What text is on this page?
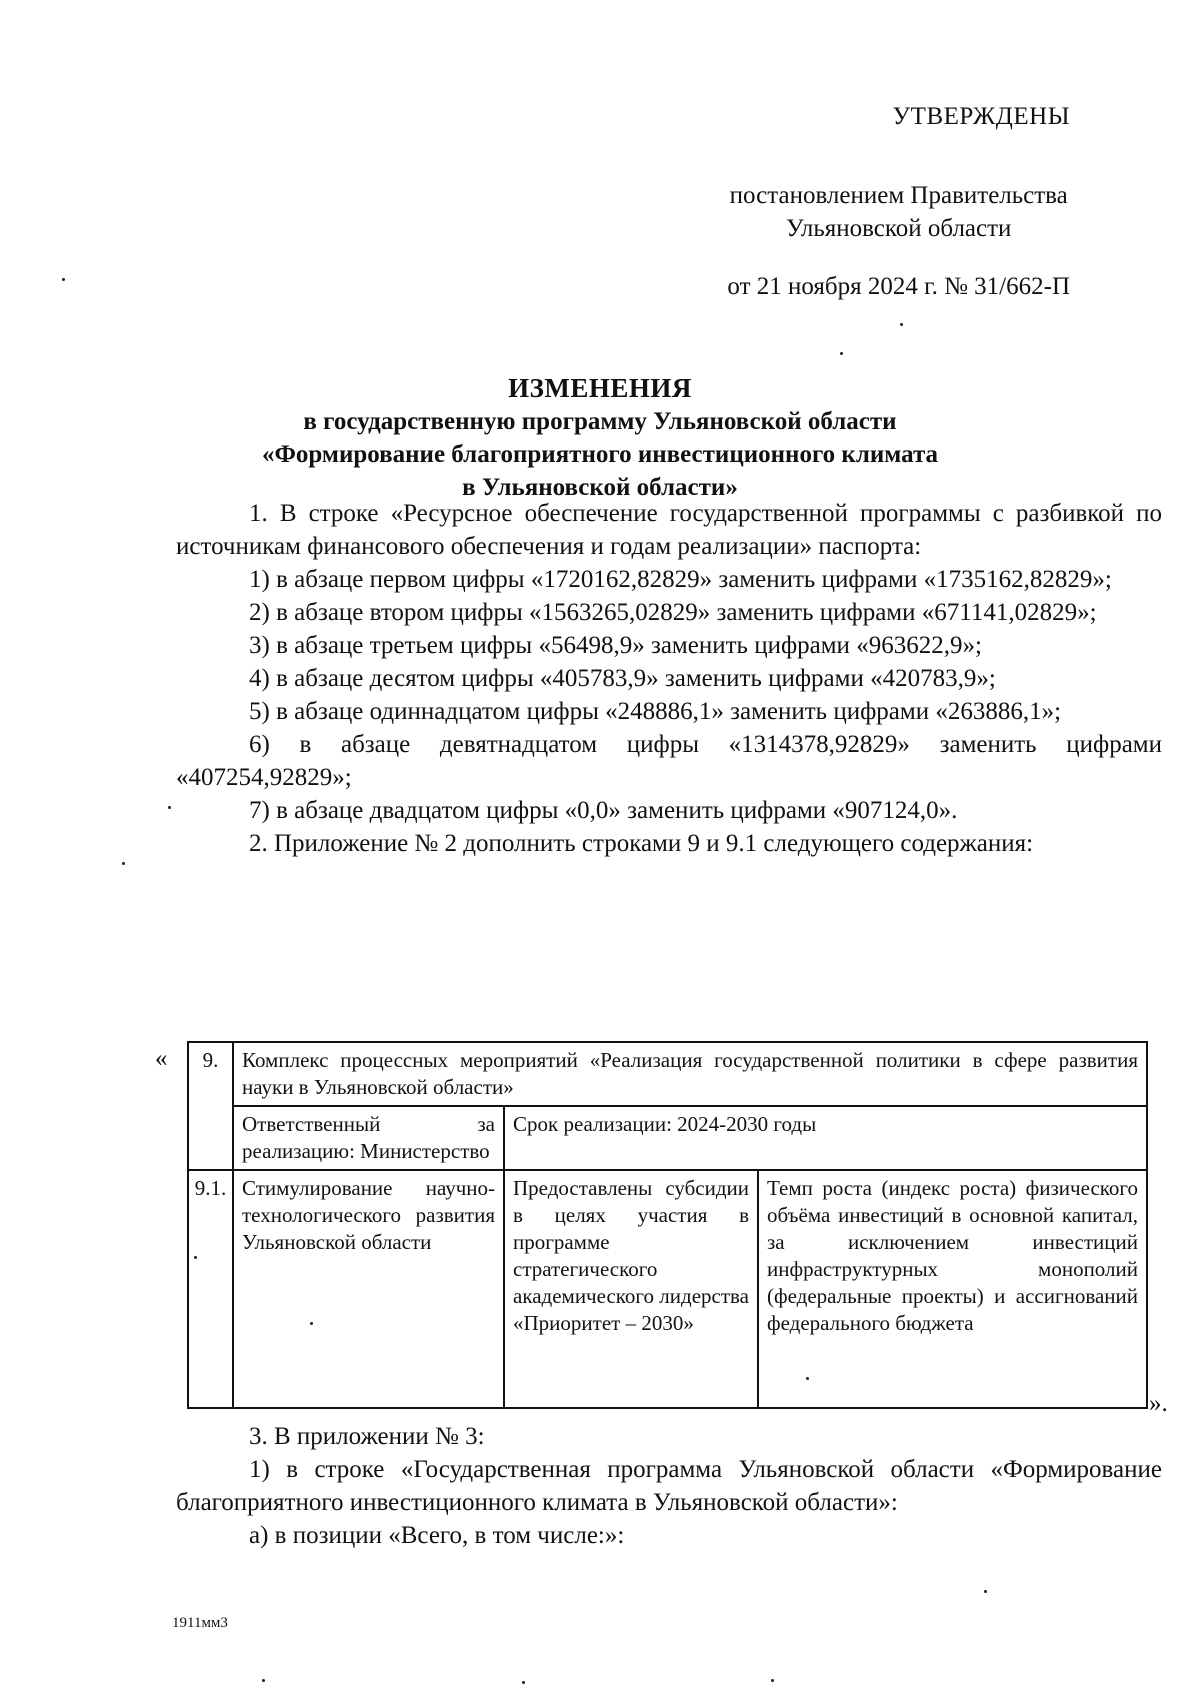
УТВЕРЖДЕНЫ
постановлением Правительства
Ульяновской области
от 21 ноября 2024 г. № 31/662-П
ИЗМЕНЕНИЯ
в государственную программу Ульяновской области
«Формирование благоприятного инвестиционного климата
в Ульяновской области»
1. В строке «Ресурсное обеспечение государственной программы с разбивкой по источникам финансового обеспечения и годам реализации» паспорта:
1) в абзаце первом цифры «1720162,82829» заменить цифрами «1735162,82829»;
2) в абзаце втором цифры «1563265,02829» заменить цифрами «671141,02829»;
3) в абзаце третьем цифры «56498,9» заменить цифрами «963622,9»;
4) в абзаце десятом цифры «405783,9» заменить цифрами «420783,9»;
5) в абзаце одиннадцатом цифры «248886,1» заменить цифрами «263886,1»;
6) в абзаце девятнадцатом цифры «1314378,92829» заменить цифрами «407254,92829»;
7) в абзаце двадцатом цифры «0,0» заменить цифрами «907124,0».
2. Приложение № 2 дополнить строками 9 и 9.1 следующего содержания:
« 9.	Комплекс процессных мероприятий «Реализация государственной политики в сфере развития науки в Ульяновской области»		
	Ответственный за реализацию: Министерство	Срок реализации: 2024-2030 годы	
9.1.	Стимулирование научно-технологического развития Ульяновской области	Предоставлены субсидии в целях участия в программе стратегического академического лидерства «Приоритет – 2030»	Темп роста (индекс роста) физического объёма инвестиций в основной капитал, за исключением инвестиций инфраструктурных монополий (федеральные проекты) и ассигнований федерального бюджета
».
3. В приложении № 3:
1) в строке «Государственная программа Ульяновской области «Формирование благоприятного инвестиционного климата в Ульяновской области»:
а) в позиции «Всего, в том числе:»:
1911мм3
